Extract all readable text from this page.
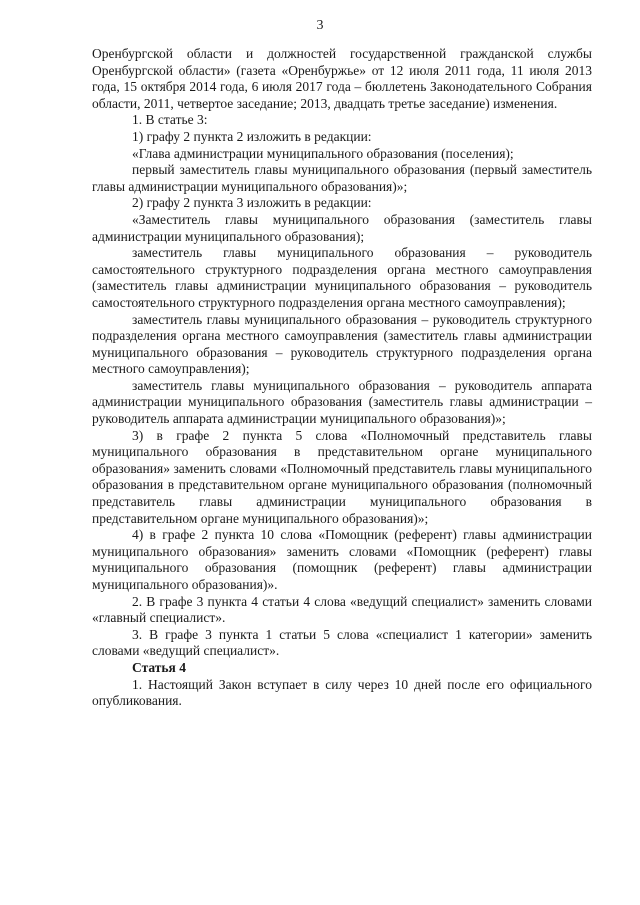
3

Оренбургской области и должностей государственной гражданской службы Оренбургской области» (газета «Оренбуржье» от 12 июля 2011 года, 11 июля 2013 года, 15 октября 2014 года, 6 июля 2017 года – бюллетень Законодательного Собрания области, 2011, четвертое заседание; 2013, двадцать третье заседание) изменения.

1. В статье 3:

1) графу 2 пункта 2 изложить в редакции:

«Глава администрации муниципального образования (поселения);

первый заместитель главы муниципального образования (первый заместитель главы администрации муниципального образования)»;

2) графу 2 пункта 3 изложить в редакции:

«Заместитель главы муниципального образования (заместитель главы администрации муниципального образования);

заместитель главы муниципального образования – руководитель самостоятельного структурного подразделения органа местного самоуправления (заместитель главы администрации муниципального образования – руководитель самостоятельного структурного подразделения органа местного самоуправления);

заместитель главы муниципального образования – руководитель структурного подразделения органа местного самоуправления (заместитель главы администрации муниципального образования – руководитель структурного подразделения органа местного самоуправления);

заместитель главы муниципального образования – руководитель аппарата администрации муниципального образования (заместитель главы администрации – руководитель аппарата администрации муниципального образования)»;

3) в графе 2 пункта 5 слова «Полномочный представитель главы муниципального образования в представительном органе муниципального образования» заменить словами «Полномочный представитель главы муниципального образования в представительном органе муниципального образования (полномочный представитель главы администрации муниципального образования в представительном органе муниципального образования)»;

4) в графе 2 пункта 10 слова «Помощник (референт) главы администрации муниципального образования» заменить словами «Помощник (референт) главы муниципального образования (помощник (референт) главы администрации муниципального образования)».

2. В графе 3 пункта 4 статьи 4 слова «ведущий специалист» заменить словами «главный специалист».

3. В графе 3 пункта 1 статьи 5 слова «специалист 1 категории» заменить словами «ведущий специалист».

Статья 4

1. Настоящий Закон вступает в силу через 10 дней после его официального опубликования.
